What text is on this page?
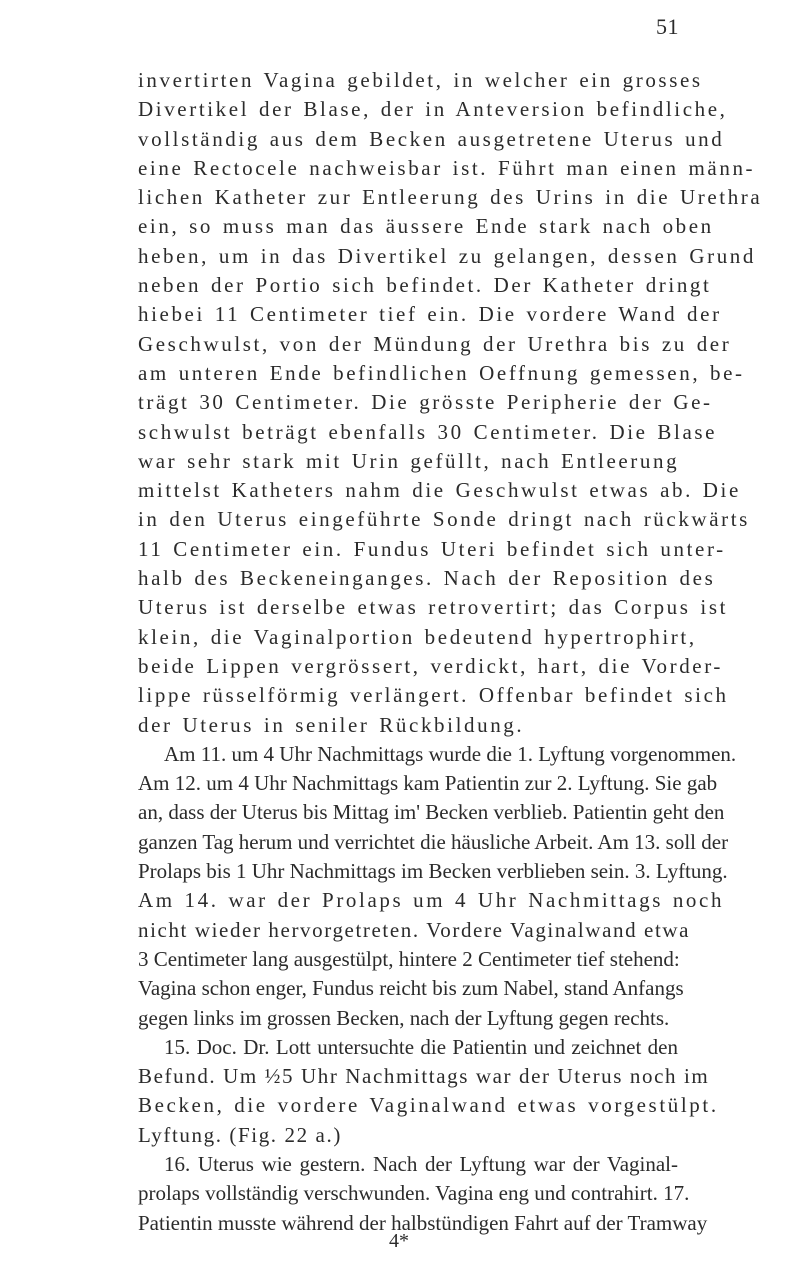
51
invertirten Vagina gebildet, in welcher ein grosses
Divertikel der Blase, der in Anteversion befindliche,
vollständig aus dem Becken ausgetretene Uterus und
eine Rectocele nachweisbar ist. Führt man einen männ-
lichen Katheter zur Entleerung des Urins in die Urethra
ein, so muss man das äussere Ende stark nach oben
heben, um in das Divertikel zu gelangen, dessen Grund
neben der Portio sich befindet. Der Katheter dringt
hiebei 11 Centimeter tief ein. Die vordere Wand der
Geschwulst, von der Mündung der Urethra bis zu der
am unteren Ende befindlichen Oeffnung gemessen, be-
trägt 30 Centimeter. Die grösste Peripherie der Ge-
schwulst beträgt ebenfalls 30 Centimeter. Die Blase
war sehr stark mit Urin gefüllt, nach Entleerung
mittelst Katheters nahm die Geschwulst etwas ab. Die
in den Uterus eingeführte Sonde dringt nach rückwärts
11 Centimeter ein. Fundus Uteri befindet sich unter-
halb des Beckeneinganges. Nach der Reposition des
Uterus ist derselbe etwas retrovertirt; das Corpus ist
klein, die Vaginalportion bedeutend hypertrophirt,
beide Lippen vergrössert, verdickt, hart, die Vorder-
lippe rüsselförmig verlängert. Offenbar befindet sich
der Uterus in seniler Rückbildung.
Am 11. um 4 Uhr Nachmittags wurde die 1. Lyftung vorgenommen.
Am 12. um 4 Uhr Nachmittags kam Patientin zur 2. Lyftung. Sie gab
an, dass der Uterus bis Mittag im' Becken verblieb. Patientin geht den
ganzen Tag herum und verrichtet die häusliche Arbeit. Am 13. soll der
Prolaps bis 1 Uhr Nachmittags im Becken verblieben sein. 3. Lyftung.
Am 14. war der Prolaps um 4 Uhr Nachmittags noch
nicht wieder hervorgetreten. Vordere Vaginalwand etwa
3 Centimeter lang ausgestülpt, hintere 2 Centimeter tief stehend:
Vagina schon enger, Fundus reicht bis zum Nabel, stand Anfangs
gegen links im grossen Becken, nach der Lyftung gegen rechts.
15. Doc. Dr. Lott untersuchte die Patientin und zeichnet den
Befund. Um ½5 Uhr Nachmittags war der Uterus noch im
Becken, die vordere Vaginalwand etwas vorgestülpt.
Lyftung. (Fig. 22 a.)
16. Uterus wie gestern. Nach der Lyftung war der Vaginal-
prolaps vollständig verschwunden. Vagina eng und contrahirt. 17.
Patientin musste während der halbstündigen Fahrt auf der Tramway
4*
